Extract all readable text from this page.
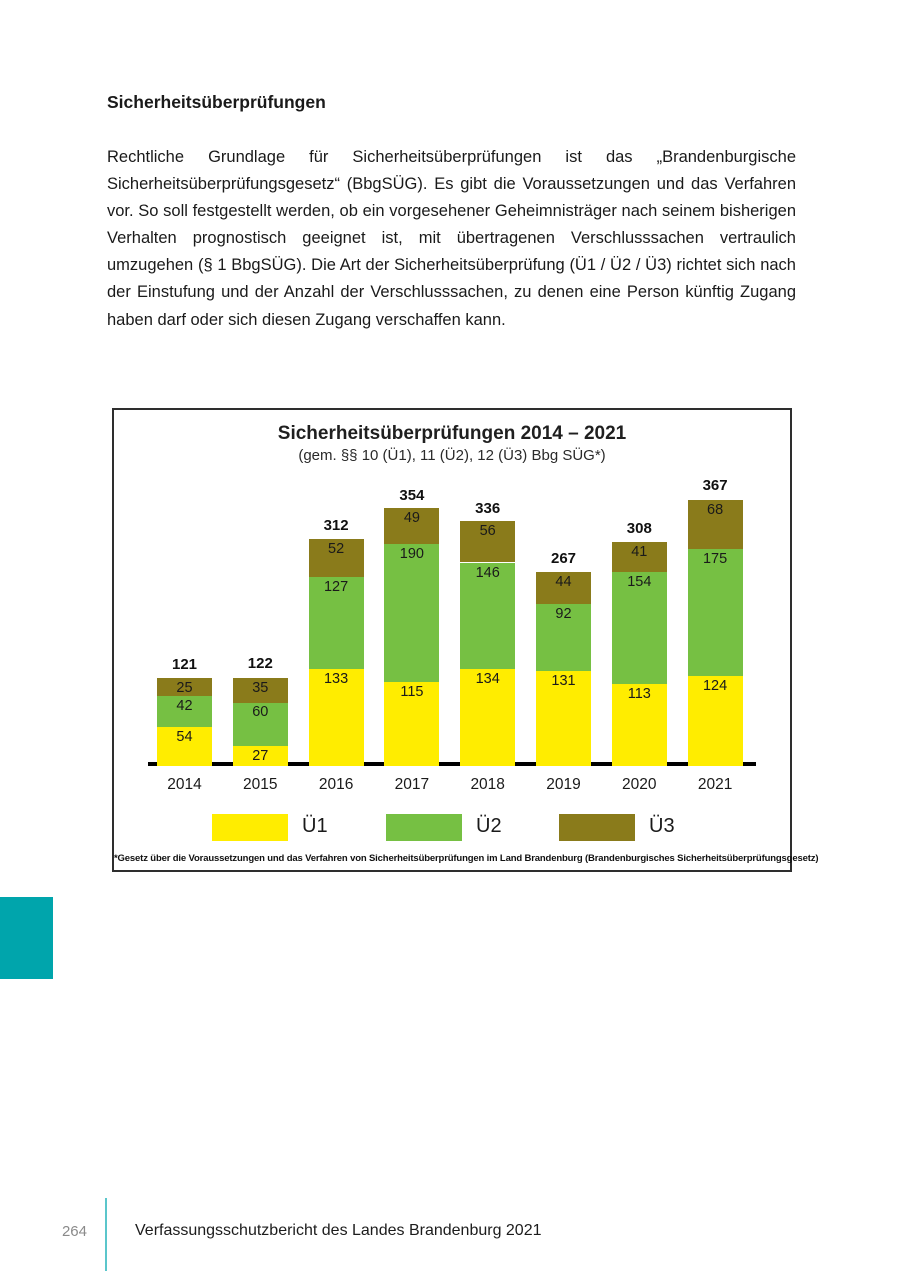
Sicherheitsüberprüfungen

Rechtliche Grundlage für Sicherheitsüberprüfungen ist das „Brandenburgische Sicherheitsüberprüfungsgesetz“ (BbgSÜG). Es gibt die Voraussetzungen und das Verfahren vor. So soll festgestellt werden, ob ein vorgesehener Geheimnisträger nach seinem bisherigen Verhalten prognostisch geeignet ist, mit übertragenen Verschlusssachen vertraulich umzugehen (§ 1 BbgSÜG). Die Art der Sicherheitsüberprüfung (Ü1 / Ü2 / Ü3) richtet sich nach der Einstufung und der Anzahl der Verschlusssachen, zu denen eine Person künftig Zugang haben darf oder sich diesen Zugang verschaffen kann.

Sicherheitsüberprüfungen 2014 – 2021
(gem. §§ 10 (Ü1), 11 (Ü2), 12 (Ü3) Bbg SÜG*)
54
42
25
121
2014
27
60
35
122
2015
133
127
52
312
2016
115
190
49
354
2017
134
146
56
336
2018
131
92
44
267
2019
113
154
41
308
2020
124
175
68
367
2021
Ü1	Ü2	Ü3
*Gesetz über die Voraussetzungen und das Verfahren von Sicherheitsüberprüfungen im Land Brandenburg (Brandenburgisches Sicherheitsüberprüfungsgesetz)
264	Verfassungsschutzbericht des Landes Brandenburg 2021
